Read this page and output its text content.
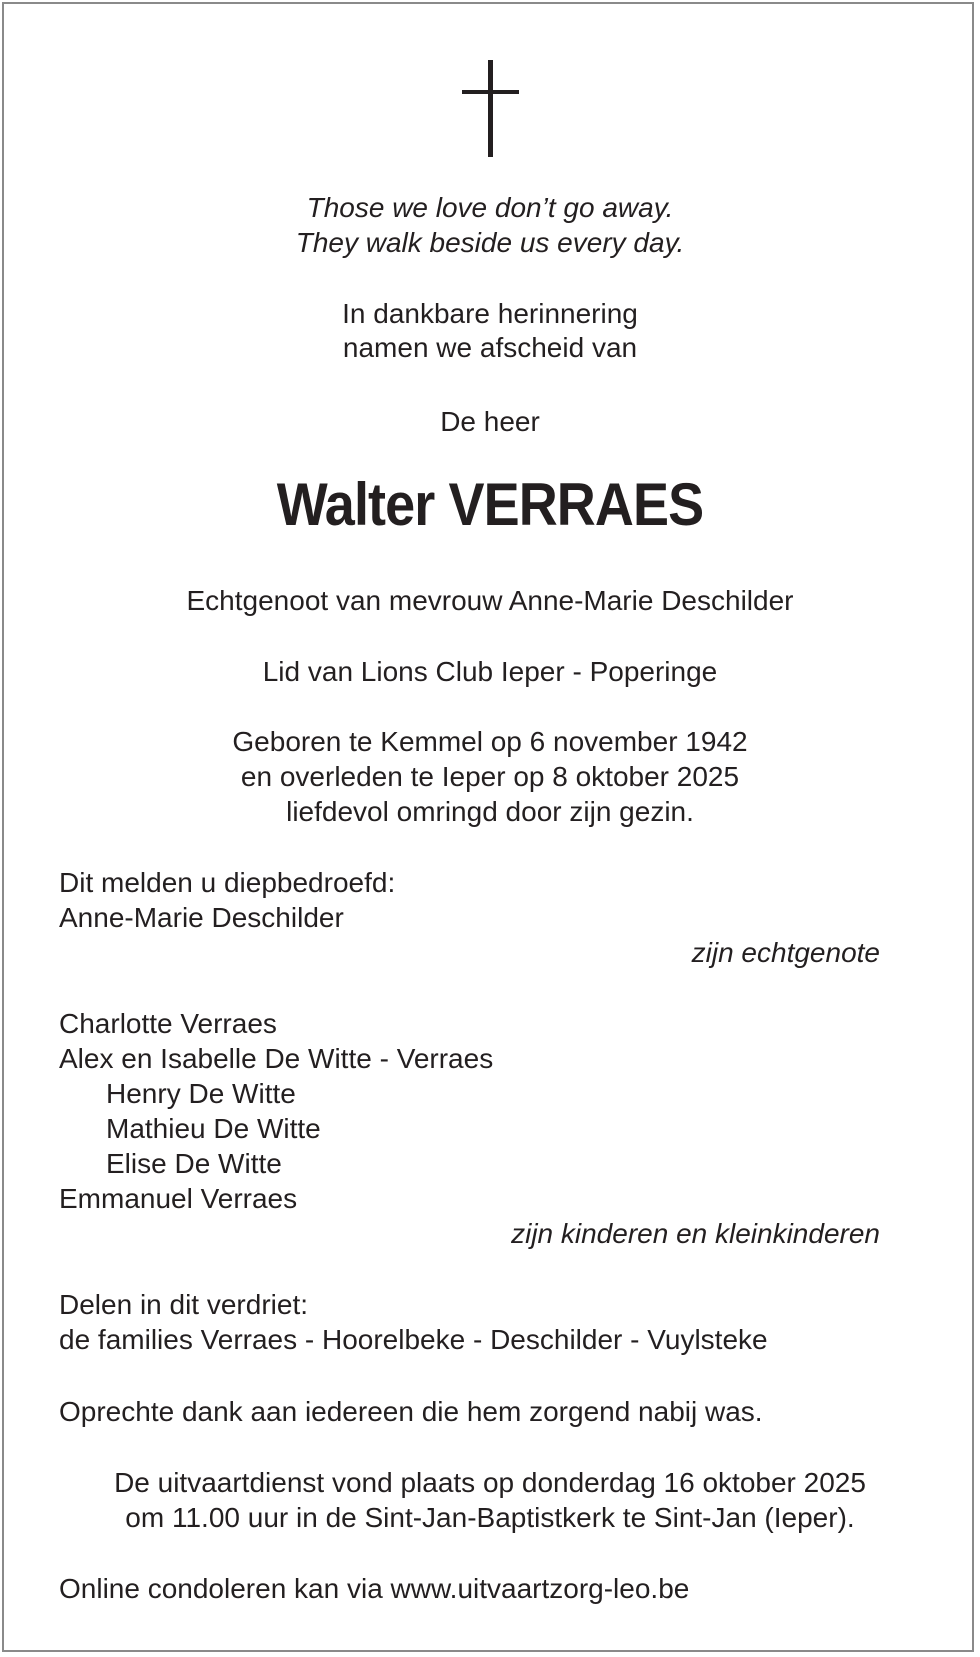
Those we love don’t go away.
They walk beside us every day.
In dankbare herinnering
namen we afscheid van
De heer
Walter VERRAES
Echtgenoot van mevrouw Anne-Marie Deschilder
Lid van Lions Club Ieper - Poperinge
Geboren te Kemmel op 6 november 1942
en overleden te Ieper op 8 oktober 2025
liefdevol omringd door zijn gezin.
Dit melden u diepbedroefd:
Anne-Marie Deschilder
zijn echtgenote
Charlotte Verraes
Alex en Isabelle De Witte - Verraes
Henry De Witte
Mathieu De Witte
Elise De Witte
Emmanuel Verraes
zijn kinderen en kleinkinderen
Delen in dit verdriet:
de families Verraes - Hoorelbeke - Deschilder - Vuylsteke
Oprechte dank aan iedereen die hem zorgend nabij was.
De uitvaartdienst vond plaats op donderdag 16 oktober 2025
om 11.00 uur in de Sint-Jan-Baptistkerk te Sint-Jan (Ieper).
Online condoleren kan via www.uitvaartzorg-leo.be
